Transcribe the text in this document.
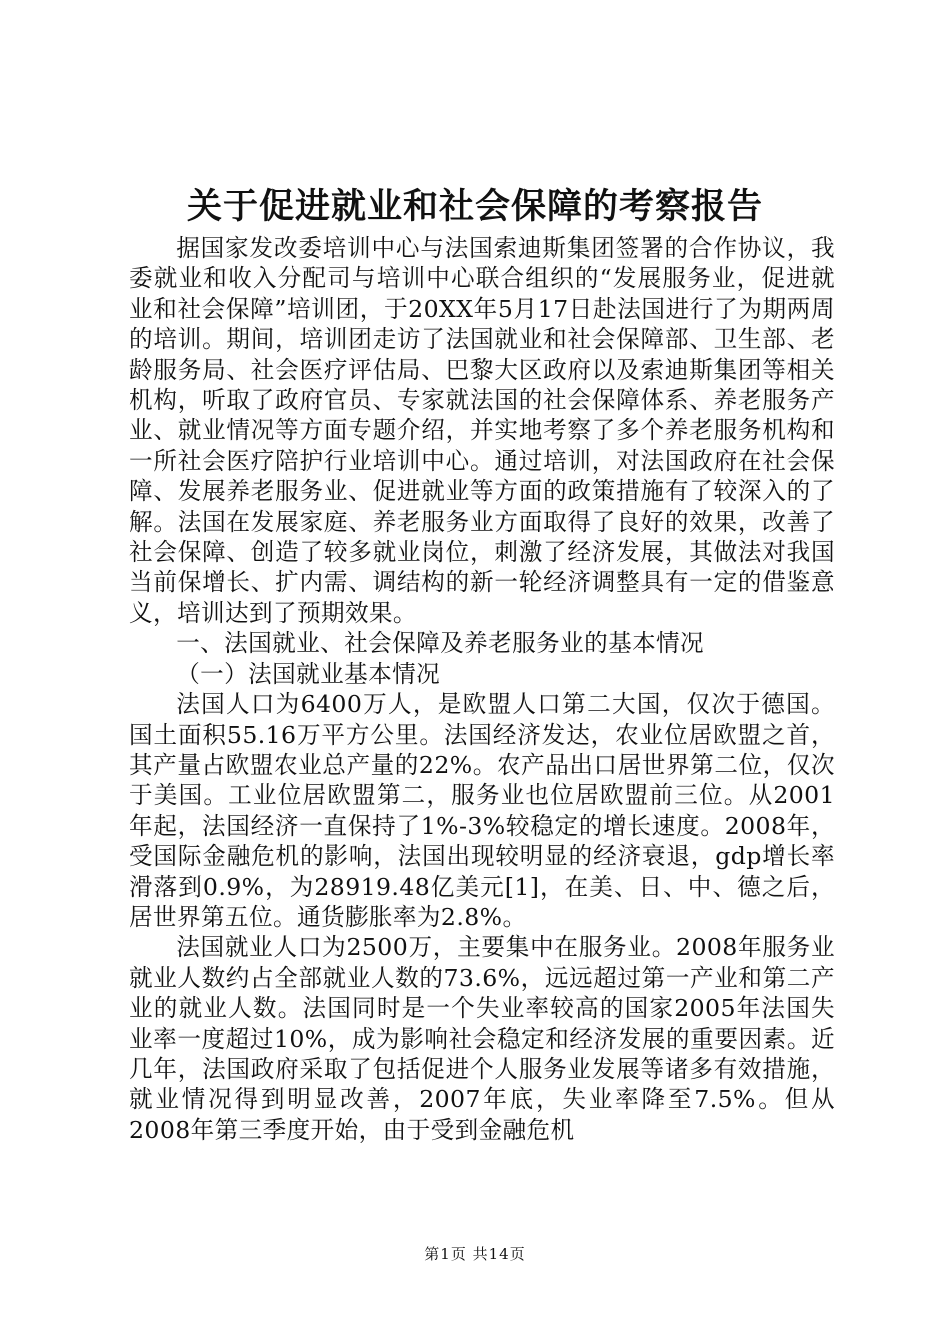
关于促进就业和社会保障的考察报告

据国家发改委培训中心与法国索迪斯集团签署的合作协议，我委就业和收入分配司与培训中心联合组织的“发展服务业，促进就业和社会保障”培训团，于20XX年5月17日赴法国进行了为期两周的培训。期间，培训团走访了法国就业和社会保障部、卫生部、老龄服务局、社会医疗评估局、巴黎大区政府以及索迪斯集团等相关机构，听取了政府官员、专家就法国的社会保障体系、养老服务产业、就业情况等方面专题介绍，并实地考察了多个养老服务机构和一所社会医疗陪护行业培训中心。通过培训，对法国政府在社会保障、发展养老服务业、促进就业等方面的政策措施有了较深入的了解。法国在发展家庭、养老服务业方面取得了良好的效果，改善了社会保障、创造了较多就业岗位，刺激了经济发展，其做法对我国当前保增长、扩内需、调结构的新一轮经济调整具有一定的借鉴意义，培训达到了预期效果。

一、法国就业、社会保障及养老服务业的基本情况

（一）法国就业基本情况

法国人口为6400万人，是欧盟人口第二大国，仅次于德国。国土面积55.16万平方公里。法国经济发达，农业位居欧盟之首，其产量占欧盟农业总产量的22%。农产品出口居世界第二位，仅次于美国。工业位居欧盟第二，服务业也位居欧盟前三位。从2001年起，法国经济一直保持了1%-3%较稳定的增长速度。2008年，受国际金融危机的影响，法国出现较明显的经济衰退，gdp增长率滑落到0.9%，为28919.48亿美元[1]，在美、日、中、德之后，居世界第五位。通货膨胀率为2.8%。

法国就业人口为2500万，主要集中在服务业。2008年服务业就业人数约占全部就业人数的73.6%，远远超过第一产业和第二产业的就业人数。法国同时是一个失业率较高的国家2005年法国失业率一度超过10%，成为影响社会稳定和经济发展的重要因素。近几年，法国政府采取了包括促进个人服务业发展等诸多有效措施，就业情况得到明显改善，2007年底，失业率降至7.5%。但从2008年第三季度开始，由于受到金融危机

第1页 共14页
